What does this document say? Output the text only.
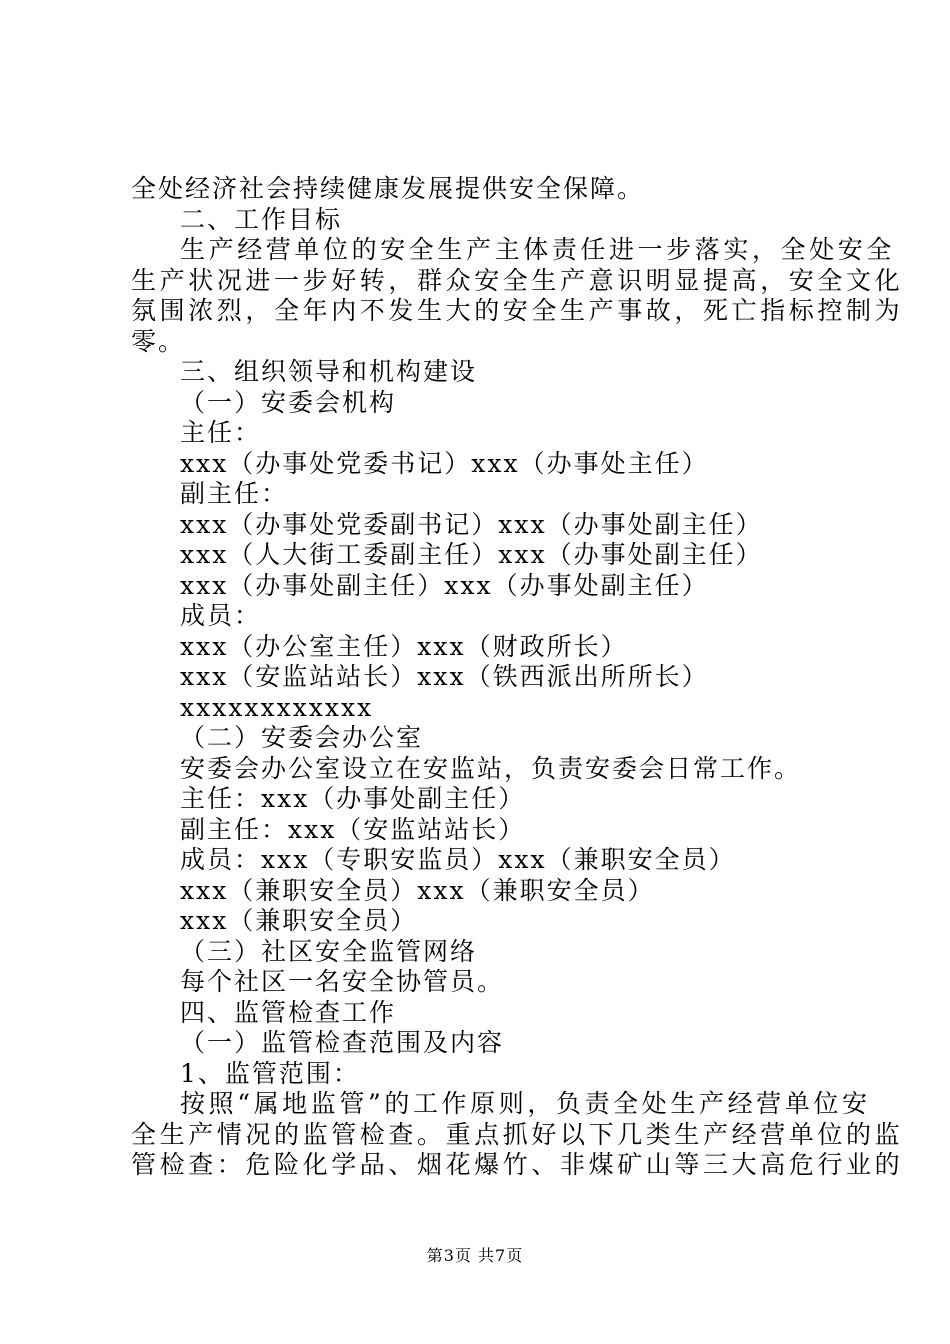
全处经济社会持续健康发展提供安全保障。
二、工作目标
生产经营单位的安全生产主体责任进一步落实，全处安全
生产状况进一步好转，群众安全生产意识明显提高，安全文化
氛围浓烈，全年内不发生大的安全生产事故，死亡指标控制为
零。
三、组织领导和机构建设
（一）安委会机构
主任：
xxx（办事处党委书记）xxx（办事处主任）
副主任：
xxx（办事处党委副书记）xxx（办事处副主任）
xxx（人大街工委副主任）xxx（办事处副主任）
xxx（办事处副主任）xxx（办事处副主任）
成员：
xxx（办公室主任）xxx（财政所长）
xxx（安监站站长）xxx（铁西派出所所长）
xxxxxxxxxxxx
（二）安委会办公室
安委会办公室设立在安监站，负责安委会日常工作。
主任：xxx（办事处副主任）
副主任：xxx（安监站站长）
成员：xxx（专职安监员）xxx（兼职安全员）
xxx（兼职安全员）xxx（兼职安全员）
xxx（兼职安全员）
（三）社区安全监管网络
每个社区一名安全协管员。
四、监管检查工作
（一）监管检查范围及内容
1、监管范围：
按照“属地监管”的工作原则，负责全处生产经营单位安
全生产情况的监管检查。重点抓好以下几类生产经营单位的监
管检查：危险化学品、烟花爆竹、非煤矿山等三大高危行业的
第3页 共7页
